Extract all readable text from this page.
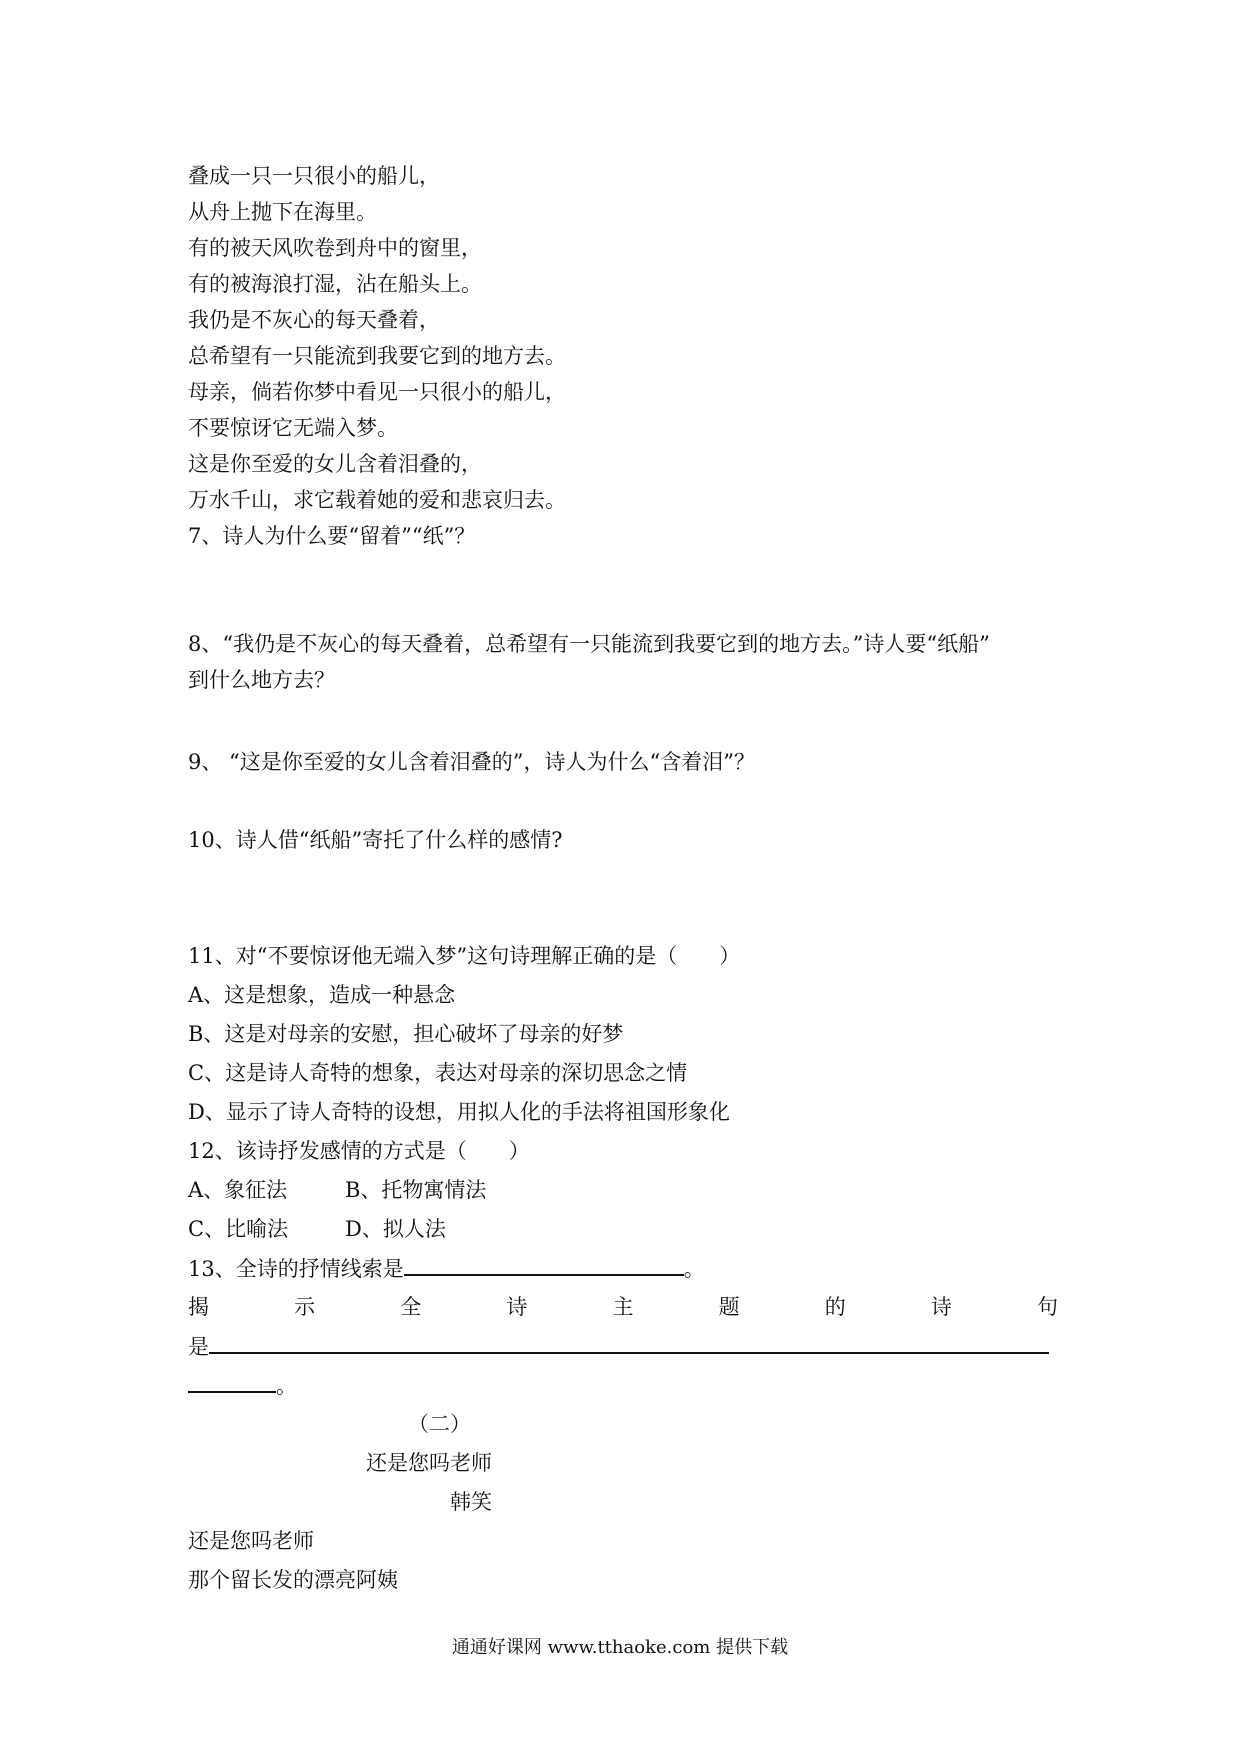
叠成一只一只很小的船儿，
从舟上抛下在海里。
有的被天风吹卷到舟中的窗里，
有的被海浪打湿，沾在船头上。
我仍是不灰心的每天叠着，
总希望有一只能流到我要它到的地方去。
母亲，倘若你梦中看见一只很小的船儿，
不要惊讶它无端入梦。
这是你至爱的女儿含着泪叠的，
万水千山，求它载着她的爱和悲哀归去。
7、诗人为什么要“留着”“纸”？
8、“我仍是不灰心的每天叠着，总希望有一只能流到我要它到的地方去。”诗人要“纸船”
到什么地方去？
9、 “这是你至爱的女儿含着泪叠的”，诗人为什么“含着泪”？
10、诗人借“纸船”寄托了什么样的感情?
11、对“不要惊讶他无端入梦”这句诗理解正确的是（　　）
A、这是想象，造成一种悬念
B、这是对母亲的安慰，担心破坏了母亲的好梦
C、这是诗人奇特的想象，表达对母亲的深切思念之情
D、显示了诗人奇特的设想，用拟人化的手法将祖国形象化
12、该诗抒发感情的方式是（　　）
A、象征法	B、托物寓情法
C、比喻法	D、拟人法
13、全诗的抒情线索是	。
揭	示	全	诗	主	题	的	诗	句
是
。
（二）
还是您吗老师
韩笑
还是您吗老师
那个留长发的漂亮阿姨
通通好课网 www.tthaoke.com 提供下载
